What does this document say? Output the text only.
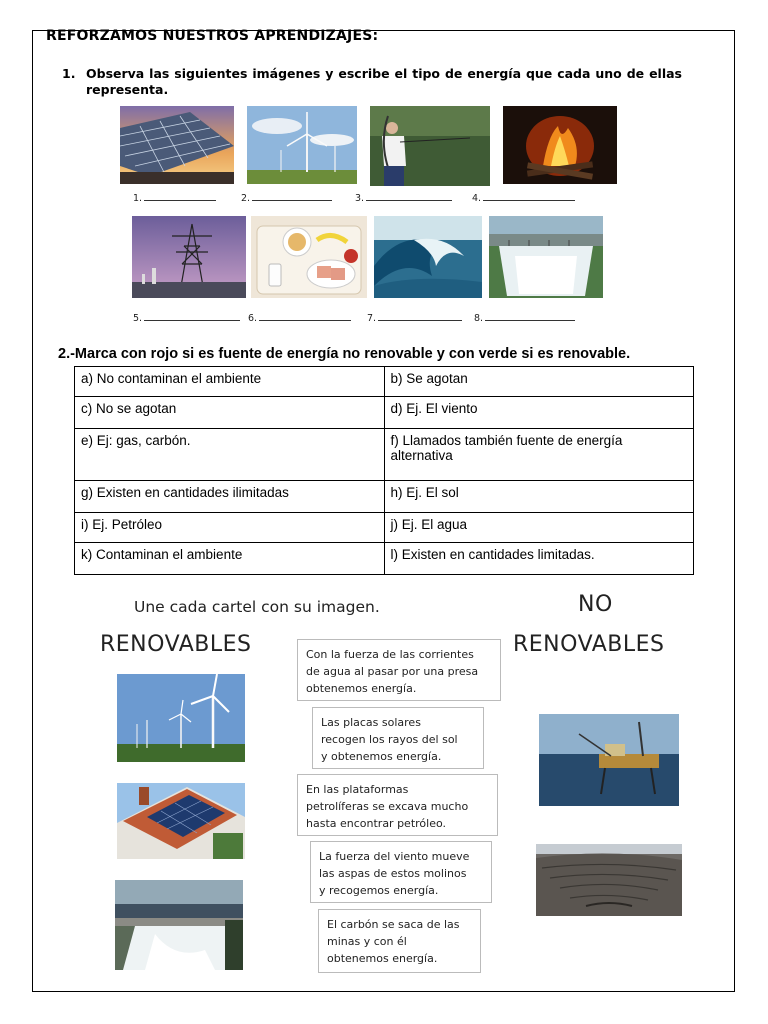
REFORZAMOS NUESTROS APRENDIZAJES:
1. Observa las siguientes imágenes y escribe el tipo de energía que cada uno de ellas representa.
1.	2.	3.	4.
5.	6.	7.	8.
2.-Marca con rojo si es fuente de energía no renovable y con verde si es renovable.
a) No contaminan el ambiente	b) Se agotan
c) No se agotan	d) Ej. El viento
e) Ej: gas, carbón.	f) Llamados también fuente de energía alternativa
g) Existen en cantidades ilimitadas	h) Ej. El sol
i) Ej. Petróleo	j) Ej. El agua
k) Contaminan el ambiente	l) Existen en cantidades limitadas.
Une cada cartel con su imagen.
RENOVABLES
NO
RENOVABLES
Con la fuerza de las corrientes
de agua al pasar por una presa
obtenemos energía.
Las placas solares
recogen los rayos del sol
y obtenemos energía.
En las plataformas
petrolíferas se excava mucho
hasta encontrar petróleo.
La fuerza del viento mueve
las aspas de estos molinos
y recogemos energía.
El carbón se saca de las
minas y con él
obtenemos energía.
